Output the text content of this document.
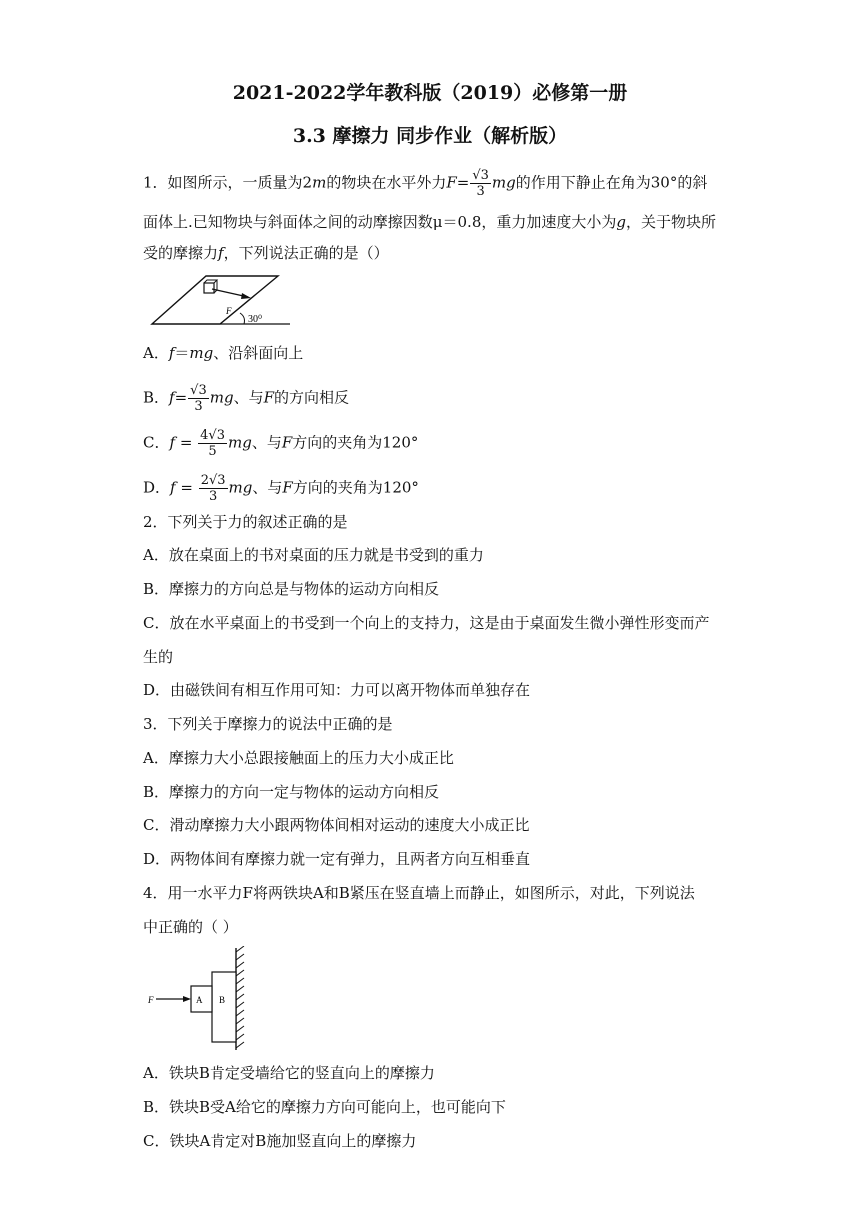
2021-2022学年教科版（2019）必修第一册
3.3 摩擦力 同步作业（解析版）
1．如图所示，一质量为2m的物块在水平外力$F= \frac{√3}{3}$ mg的作用下静止在角为30°的斜
面体上.已知物块与斜面体之间的动摩擦因数μ＝0.8，重力加速度大小为g，关于物块所
受的摩擦力f，下列说法正确的是（）
F
30⁰
A．f＝mg、沿斜面向上
B．$f= \frac{√3}{3}$ mg、与F的方向相反
C．$f = \frac{4√3}{5}$ mg、与F方向的夹角为120°
D．$f = \frac{2√3}{3}$ mg、与F方向的夹角为120°
2．下列关于力的叙述正确的是
A．放在桌面上的书对桌面的压力就是书受到的重力
B．摩擦力的方向总是与物体的运动方向相反
C．放在水平桌面上的书受到一个向上的支持力，这是由于桌面发生微小弹性形变而产
生的
D．由磁铁间有相互作用可知：力可以离开物体而单独存在
3．下列关于摩擦力的说法中正确的是
A．摩擦力大小总跟接触面上的压力大小成正比
B．摩擦力的方向一定与物体的运动方向相反
C．滑动摩擦力大小跟两物体间相对运动的速度大小成正比
D．两物体间有摩擦力就一定有弹力，且两者方向互相垂直
4．用一水平力F将两铁块A和B紧压在竖直墙上而静止，如图所示，对此，下列说法
中正确的（ ）
F	A B
A．铁块B肯定受墙给它的竖直向上的摩擦力
B．铁块B受A给它的摩擦力方向可能向上，也可能向下
C．铁块A肯定对B施加竖直向上的摩擦力
